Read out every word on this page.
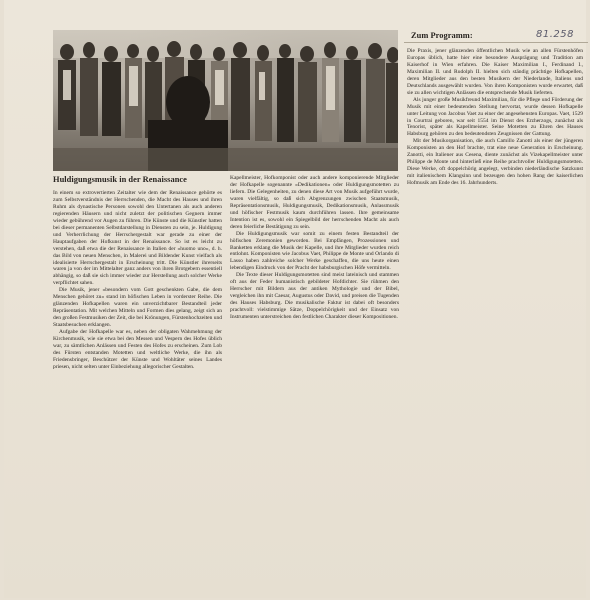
81.258
Zum Programm:
Huldigungsmusik in der Renaissance

In einem so extrovertierten Zeitalter wie dem der Renaissance gehörte es zum Selbstverständnis der Herrschenden, die Macht des Hauses und ihren Ruhm als dynastische Personen sowohl den Untertanen als auch anderen regierenden Häusern und nicht zuletzt der politischen Gegnern immer wieder gebührend vor Augen zu führen. Die Künste und die Künstler hatten bei dieser permanenten Selbstdarstellung in Diensten zu sein, je. Huldigung und Verherrlichung der Herrschergestalt war gerade zu einer der Hauptaufgaben der Hofkunst in der Renaissance. So ist es leicht zu verstehen, daß etwa die der Renaissance in Italien der »huomo uno«, d. h. das Bild von neuen Menschen, in Malerei und Bildender Kunst vielfach als idealisierte Herrschergestalt in Erscheinung tritt. Die Künstler ihrerseits waren ja von der im Mittelalter ganz anders von ihren Brotgebern essentiell abhängig, so daß sie sich immer wieder zur Herstellung auch solcher Werke verpflichtet sahen.

Die Musik, jener »besondern vom Gott geschenkten Gabe, die dem Menschen gehöret zu« stand im höfischen Leben in vorderster Reihe. Die glänzenden Hofkapellen waren ein unverzichtbarer Bestandteil jeder Repräsentation. Mit welchen Mitteln und Formen dies gelang, zeigt sich an den großen Festmusiken der Zeit, die bei Krönungen, Fürstenhochzeiten und Staatsbesuchen erklangen.

Aufgabe der Hofkapelle war es, neben der obligaten Wahrnehmung der Kirchenmusik, wie sie etwa bei den Messen und Vespern des Hofes üblich war, zu sämtlichen Anlässen und Festen des Hofes zu erscheinen. Zum Lob des Fürsten entstanden Motetten und weltliche Werke, die ihn als Friedensbringer, Beschützer der Künste und Wohltäter seines Landes priesen, nicht selten unter Einbeziehung allegorischer Gestalten.

Kapellmeister, Hofkomponist oder auch andere komponierende Mitglieder der Hofkapelle sogenannte »Dedikationen« oder Huldigungsmotetten zu liefern. Die Gelegenheiten, zu denen diese Art von Musik aufgeführt wurde, waren vielfältig, so daß sich Abgrenzungen zwischen Staatsmusik, Repräsentationsmusik, Huldigungsmusik, Dedikationsmusik, Anlassmusik und höfischer Festmusik kaum durchführen lassen. Ihre gemeinsame Intention ist es, sowohl ein Spiegelbild der herrschenden Macht als auch deren feierliche Bestätigung zu sein.

Die Huldigungsmusik war somit zu einem festen Bestandteil der höfischen Zeremonien geworden. Bei Empfängen, Prozessionen und Banketten erklang die Musik der Kapelle, und ihre Mitglieder wurden reich entlohnt. Komponisten wie Jacobus Vaet, Philippe de Monte und Orlando di Lasso haben zahlreiche solcher Werke geschaffen, die uns heute einen lebendigen Eindruck von der Pracht der habsburgischen Höfe vermitteln.

Die Texte dieser Huldigungsmotetten sind meist lateinisch und stammen oft aus der Feder humanistisch gebildeter Hofdichter. Sie rühmen den Herrscher mit Bildern aus der antiken Mythologie und der Bibel, vergleichen ihn mit Caesar, Augustus oder David, und preisen die Tugenden des Hauses Habsburg. Die musikalische Faktur ist dabei oft besonders prachtvoll: vielstimmige Sätze, Doppelchörigkeit und der Einsatz von Instrumenten unterstreichen den festlichen Charakter dieser Kompositionen.

Die Praxis, jener glänzenden öffentlichen Musik wie an allen Fürstenhöfen Europas üblich, hatte hier eine besondere Ausprägung und Tradition am Kaiserhof in Wien erfahren. Die Kaiser Maximilian I., Ferdinand I., Maximilian II. und Rudolph II. hielten sich ständig prächtige Hofkapellen, deren Mitglieder aus den besten Musikern der Niederlande, Italiens und Deutschlands ausgewählt wurden. Von ihren Komponisten wurde erwartet, daß sie zu allen wichtigen Anlässen die entsprechende Musik lieferten.

Als junger große Musikfreund Maximilian, für die Pflege und Förderung der Musik mit einer bedeutenden Stellung hervortat, wurde dessen Hofkapelle unter Leitung von Jacobus Vaet zu einer der angesehensten Europas. Vaet, 1529 in Courtrai geboren, war seit 1554 im Dienst des Erzherzogs, zunächst als Tenorist, später als Kapellmeister. Seine Motetten zu Ehren des Hauses Habsburg gehören zu den bedeutendsten Zeugnissen der Gattung.

Mit der Musikorganisation, die auch Camillo Zanotti als einer der jüngeren Komponisten an den Hof brachte, trat eine neue Generation in Erscheinung. Zanotti, ein Italiener aus Cesena, diente zunächst als Vizekapellmeister unter Philippe de Monte und hinterließ eine Reihe prachtvoller Huldigungsmotetten. Diese Werke, oft doppelchörig angelegt, verbinden niederländische Satzkunst mit italienischem Klangsinn und bezeugen den hohen Rang der kaiserlichen Hofmusik am Ende des 16. Jahrhunderts.
